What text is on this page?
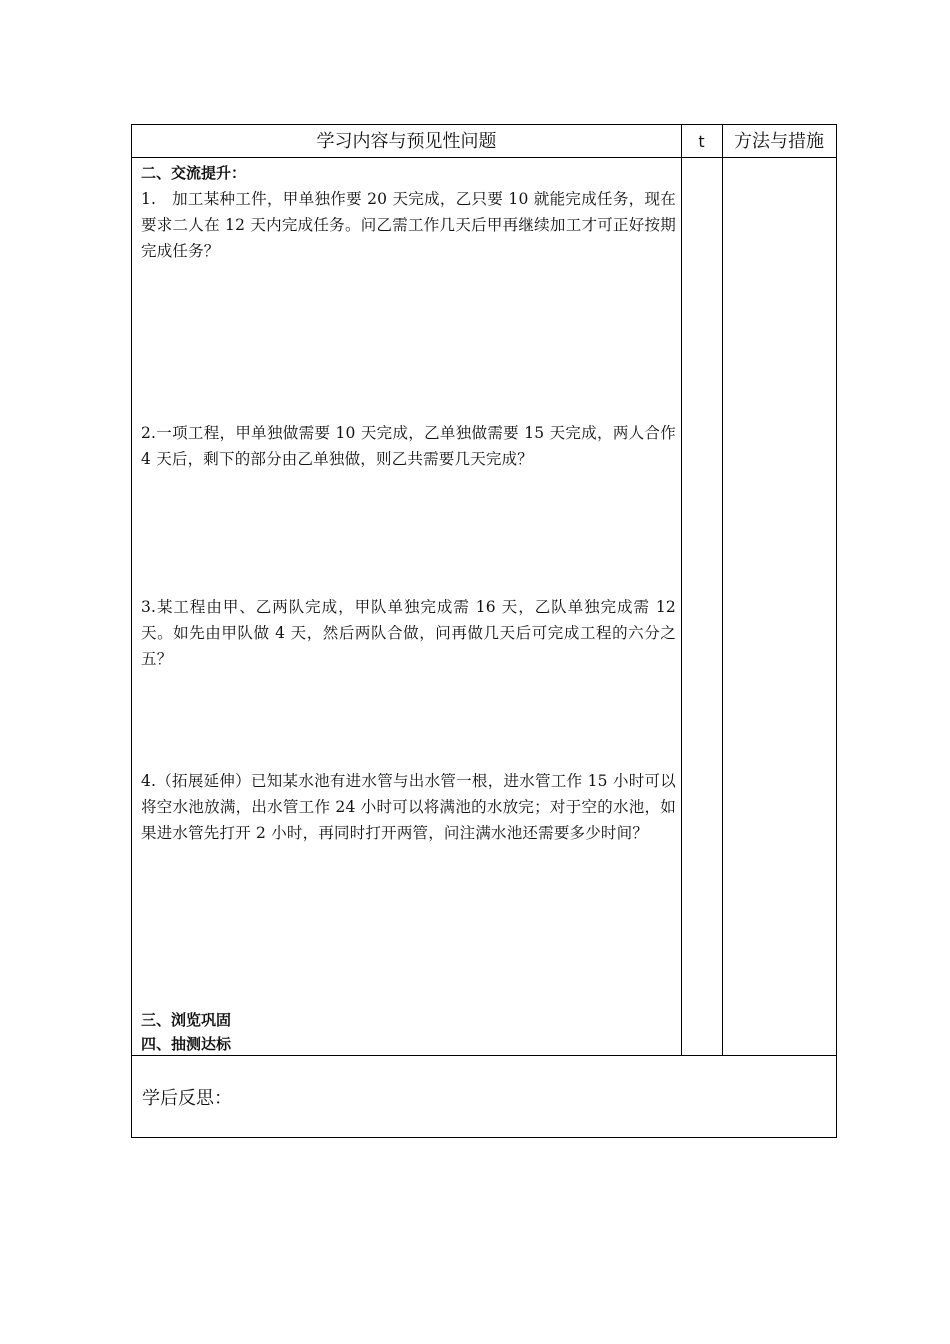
学习内容与预见性问题	t	方法与措施
二、交流提升：
1.　加工某种工件，甲单独作要 20 天完成，乙只要 10 就能完成任务，现在要求二人在 12 天内完成任务。问乙需工作几天后甲再继续加工才可正好按期完成任务？
2.一项工程，甲单独做需要 10 天完成，乙单独做需要 15 天完成，两人合作 4 天后，剩下的部分由乙单独做，则乙共需要几天完成？
3.某工程由甲、乙两队完成，甲队单独完成需 16 天，乙队单独完成需 12 天。如先由甲队做 4 天，然后两队合做，问再做几天后可完成工程的六分之五？
4.（拓展延伸）已知某水池有进水管与出水管一根，进水管工作 15 小时可以将空水池放满，出水管工作 24 小时可以将满池的水放完；对于空的水池，如果进水管先打开 2 小时，再同时打开两管，问注满水池还需要多少时间？
三、浏览巩固
四、抽测达标
学后反思：
